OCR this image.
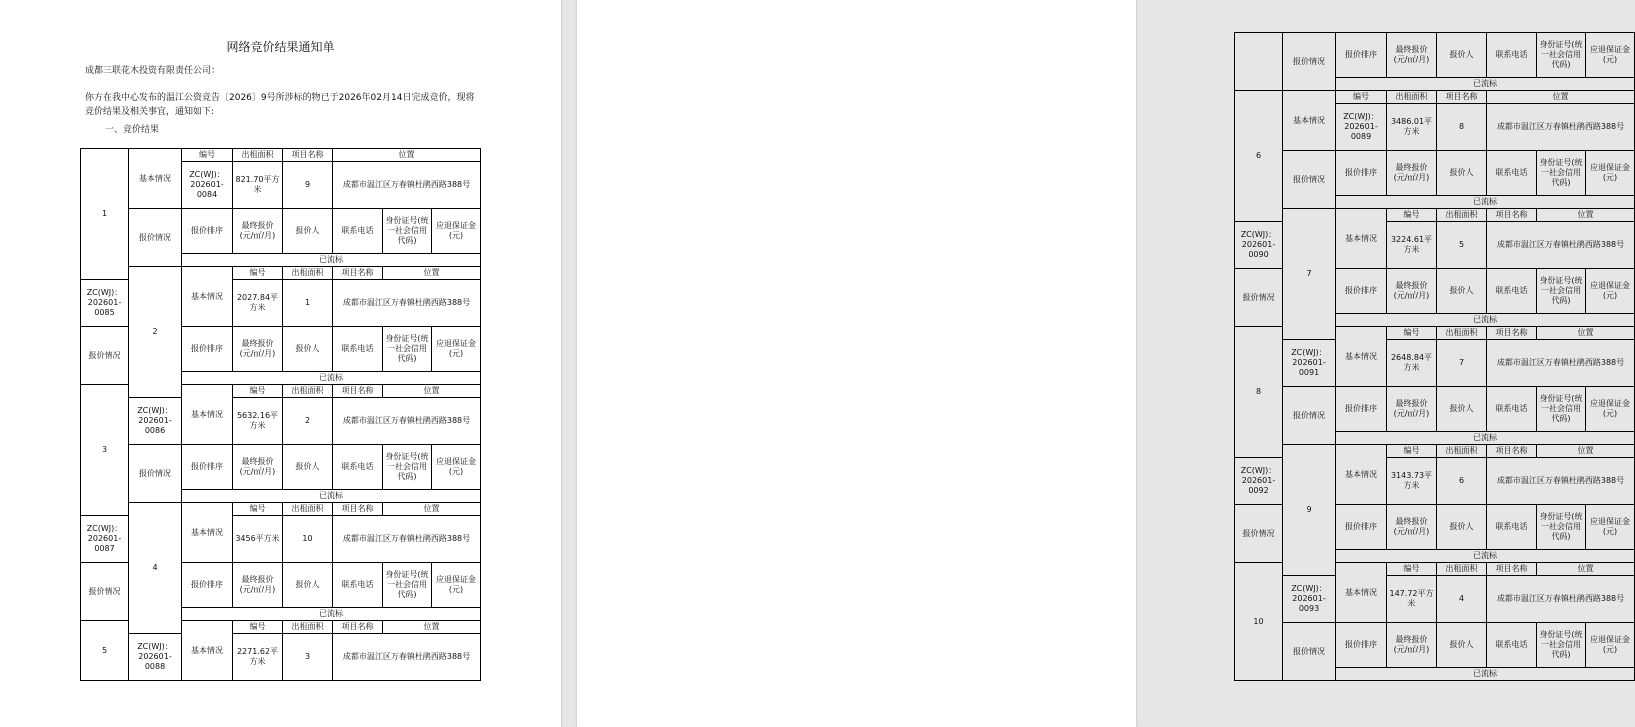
网络竞价结果通知单
成都三联花木投资有限责任公司：
你方在我中心发布的温江公资竞告〔2026〕9号所涉标的物已于2026年02月14日完成竞价，现将竞价结果及相关事宜，通知如下:
一、竞价结果
1	基本情况	编号	出租面积	项目名称	位置		
		ZC(WJ)：202601-0084	821.70平方米	9	成都市温江区万春镇杜鹃西路388号		
	报价情况	报价排序	最终报价(元/㎡/月)	报价人	联系电话	身份证号(统一社会信用代码)	应退保证金(元)
		已流标					
	2	基本情况	编号	出租面积	项目名称	位置	
ZC(WJ)：202601-0085			2027.84平方米	1	成都市温江区万春镇杜鹃西路388号		
报价情况		报价排序	最终报价(元/㎡/月)	报价人	联系电话	身份证号(统一社会信用代码)	应退保证金(元)
		已流标					
3		基本情况	编号	出租面积	项目名称	位置	
	ZC(WJ)：202601-0086		5632.16平方米	2	成都市温江区万春镇杜鹃西路388号		
	报价情况	报价排序	最终报价(元/㎡/月)	报价人	联系电话	身份证号(统一社会信用代码)	应退保证金(元)
		已流标					
	4	基本情况	编号	出租面积	项目名称	位置	
ZC(WJ)：202601-0087			3456平方米	10	成都市温江区万春镇杜鹃西路388号		
报价情况		报价排序	最终报价(元/㎡/月)	报价人	联系电话	身份证号(统一社会信用代码)	应退保证金(元)
		已流标					
5		基本情况	编号	出租面积	项目名称	位置	
	ZC(WJ)：202601-0088		2271.62平方米	3	成都市温江区万春镇杜鹃西路388号		
	报价情况	报价排序	最终报价(元/㎡/月)	报价人	联系电话	身份证号(统一社会信用代码)	应退保证金(元)
		已流标					
6	基本情况	编号	出租面积	项目名称	位置		
		ZC(WJ)：202601-0089	3486.01平方米	8	成都市温江区万春镇杜鹃西路388号		
	报价情况	报价排序	最终报价(元/㎡/月)	报价人	联系电话	身份证号(统一社会信用代码)	应退保证金(元)
		已流标					
	7	基本情况	编号	出租面积	项目名称	位置	
ZC(WJ)：202601-0090			3224.61平方米	5	成都市温江区万春镇杜鹃西路388号		
报价情况		报价排序	最终报价(元/㎡/月)	报价人	联系电话	身份证号(统一社会信用代码)	应退保证金(元)
		已流标					
8		基本情况	编号	出租面积	项目名称	位置	
	ZC(WJ)：202601-0091		2648.84平方米	7	成都市温江区万春镇杜鹃西路388号		
	报价情况	报价排序	最终报价(元/㎡/月)	报价人	联系电话	身份证号(统一社会信用代码)	应退保证金(元)
		已流标					
	9	基本情况	编号	出租面积	项目名称	位置	
ZC(WJ)：202601-0092			3143.73平方米	6	成都市温江区万春镇杜鹃西路388号		
报价情况		报价排序	最终报价(元/㎡/月)	报价人	联系电话	身份证号(统一社会信用代码)	应退保证金(元)
		已流标					
10		基本情况	编号	出租面积	项目名称	位置	
	ZC(WJ)：202601-0093		147.72平方米	4	成都市温江区万春镇杜鹃西路388号		
	报价情况	报价排序	最终报价(元/㎡/月)	报价人	联系电话	身份证号(统一社会信用代码)	应退保证金(元)
		已流标					
